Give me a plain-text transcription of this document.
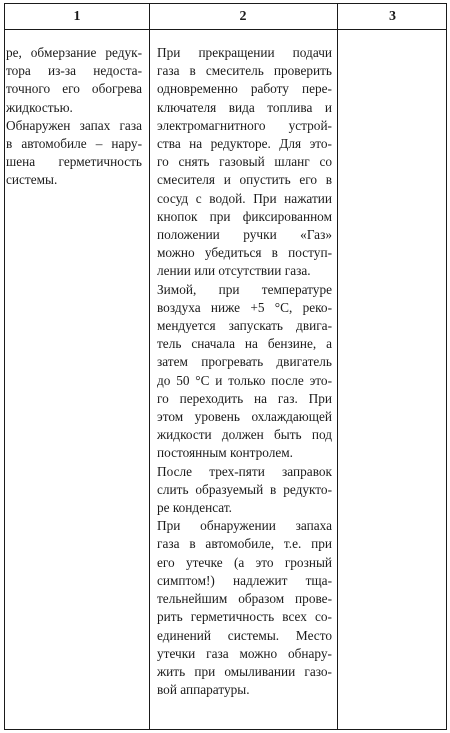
1	2	3
ре, обмерзание редук-
тора из-за недоста-
точного его обогрева
жидкостью.
Обнаружен запах газа
в автомобиле – нару-
шена герметичность
системы.
При прекращении подачи
газа в смеситель проверить
одновременно работу пере-
ключателя вида топлива и
электромагнитного устрой-
ства на редукторе. Для это-
го снять газовый шланг со
смесителя и опустить его в
сосуд с водой. При нажатии
кнопок при фиксированном
положении ручки «Газ»
можно убедиться в поступ-
лении или отсутствии газа.
Зимой, при температуре
воздуха ниже +5 °С, реко-
мендуется запускать двига-
тель сначала на бензине, а
затем прогревать двигатель
до 50 °С и только после это-
го переходить на газ. При
этом уровень охлаждающей
жидкости должен быть под
постоянным контролем.
После трех-пяти заправок
слить образуемый в редукто-
ре конденсат.
При обнаружении запаха
газа в автомобиле, т.е. при
его утечке (а это грозный
симптом!) надлежит тща-
тельнейшим образом прове-
рить герметичность всех со-
единений системы. Место
утечки газа можно обнару-
жить при омыливании газо-
вой аппаратуры.
